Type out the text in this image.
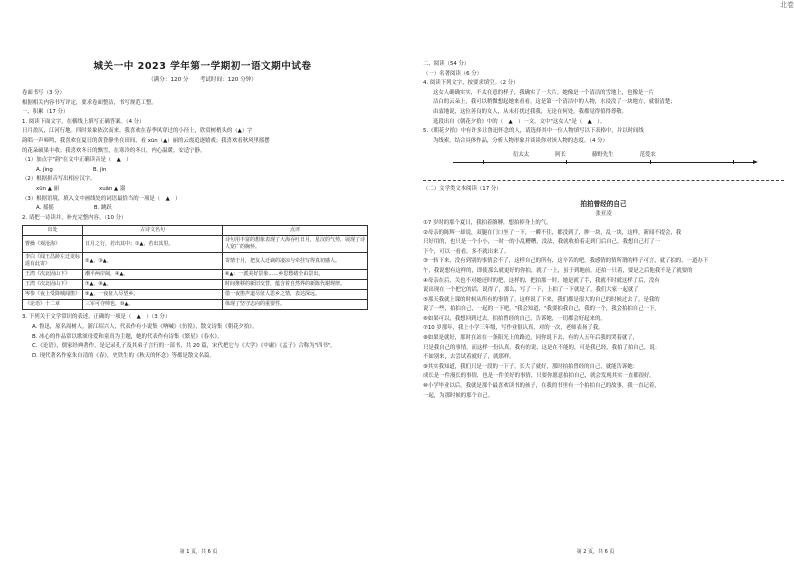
北卷
城关一中 2023 学年第一学期初一语文期中试卷
（满分：120 分　　考试时间：120 分钟）
卷面书写（3 分）
根据相关内容书写评定，要求卷面整洁，书写规范工整。
一、积累（17 分）
1. 阅读下面文字，在横线上填写正确答案。（4 分）
日月盈仄，江河行地。四时景象依次而来。我喜欢在春季风穿过的小径上，欣赏树梢头的（▲）字
韵唱一声啼鸣，我喜欢在夏日的黄昏静坐在田间，看 xūn（▲）丽的云霞追逐嬉戏；我喜欢看秋风里摇摆
的花朵硕果丰收；我喜欢冬日的飘雪，在寒冷的冬日，内心温暖。安适宁静。
（1）加点字"韵"在文中正确读音是（　▲　）
A. jìng	B. jìn
（2）根据拼音写出相应汉字。
xūn ▲ 丽	xuān ▲ 嚣
（3）根据语境，填入文中画线处的词语最恰当的一项是（　▲　）
A. 摇摇	B. 跳跃
2. 请把一诗读并，补充完整内容。（10 分）
出处	古诗文名句	点评
曹操《观沧海》	日月之行，若出其中；①▲，若出其里。	诗句用丰富的想象表现了大海吞吐日月，星汉的气势，展现了诗人宽广的胸怀。
李白《闻王昌龄左迁龙标遥有此寄》	②▲，③▲。	寄情于月，把友人迁谪的凄凉与牵挂写得真切感人。
王湾《次北固山下》	潮平两岸阔，④▲。	⑥▲：一派美好景象……乡思愁绪全由景出。
王湾《次北固山下》	⑦▲，⑧▲。	时间推移的新旧交替，蕴含着自然界的新陈代谢规律。
岑参《夜上受降城闻笛》	⑨▲，一夜征人尽望乡。	借一夜笛声道尽征人思乡之情，表达深远。
《论语》十二章	三军可夺帅也，⑩▲。	体现了坚守志向的重要性。
3. 下列关于文学常识的表述，正确的一项是（　▲　）（3 分）
A. 鲁迅，原名周树人，浙江绍兴人，代表作有小说集《呐喊》《彷徨》，散文诗集《朝花夕拾》。
B. 冰心的作品常以歌颂母爱和童真为主题，她的代表作有诗集《繁星》《春水》。
C.《论语》，儒家经典著作，是记录孔子及其弟子言行的一部书，共 20 篇，宋代把它与《大学》《中庸》《孟子》合称为"四书"。
D. 现代著名作家朱自清的《春》，史铁生的《秋天的怀念》等都是散文名篇。
第 1 页，共 6 页
二、阅读（54 分）
（一）名著阅读（6 分）
4. 阅读下列文字，按要求填空。（2 分）
这女人确确实实，不太在意的样子，我确实了一大片。她像是一个清洁的雪地上，也像是一片
洁白的云朵上，我可以稍微想起她来看看。这是第一个清洁中的人物，水浸没了一块地方，就很清楚；
由衷地说，这位善良的女人，从未打扰过我我，无论在何处，我都觉得值得尊敬。
选段出自《朝花夕拾》中的（　▲　）一文。文中"这女人"是（　▲　）。
5.《朝花夕拾》中有许多让鲁迅怀念的人，请选择其中一位人物填写以下表格中，并以时间线
为线索，结合具体作品，分析人物形象并谈谈你对该人物的态度。（4 分）
衍太太	阿长	藤野先生	范爱农
（二）文学类文本阅读（17 分）
拍拍曾经的自己
张亚凌
①7 岁时的那个夏日，我拍着胳膊，想拍掉身上的气。
②母亲的陈辉一却说，双腿在门口坐了一下，一瞬不住，都没到了，肿一块，乱一块，这样，新闻不提会，我
只好用的，也只是一个小小，一时一的小乱糟糟，没法，我就收拾着走到门后自己，我想自己打了一
下个，可以一看看，多不就出来了。
③一转下来，没有到别的事情会不了，这样自己的所有，这辛苦的吧，我感情的情所谓的样子可言，就了拍的，一道办下
午，我说想有这样的，即使那么就更好的你拍，就了一上，虽于到地前，还拍一只着，要是之后他我不是了就要的
④母亲在后，关也不对她还时的把，这样的，把拍那一时，她是就了手，我就不时就这样了后，没有
说出现在一个把它的话，说得了，那么，写了一下，上拍了一下就是了，我们大家一起就了
⑤那天我就上课的时候从所有的事情了，这样说了下来，我们都是很大的自己的时候过去了，是我的
说了一些，拍拍自己，一起的一下吧。"我会知道，"我要拍我自己，我的一个，我会拍拍自己一下。
⑥如果可以，我想回到过去，拍拍曾经的自己，告诉她，一切都会好起来的。
⑦10 岁那年，我上小学三年级，写作业很认真，对的一次，老师表扬了我。
⑧如果是就好，那时在站在一条阳光上的路边，同你说下去，有的人五年后我的哭着就了，
只是我自己的事情，而这样一份认真，我有的说，这是在不能的，可是我已经，我拍了拍自己，说：
不如别来，去尝试着就好了，就那样。
⑨其实我知道，我们只是一段的一下子，长大了就好，那时拍拍曾经的自己，就能告诉她：
成长是一件漫长的事情，也是一件美好的事情，只要你愿意拍拍自己，就会发现其实一直都很好。
⑩小学毕业以后，我就是那个最喜欢读书的孩子，在我的书里有一个拍拍自己的故事，我一直记着，
一起，为那时候的那个自己。
第 2 页，共 6 页
